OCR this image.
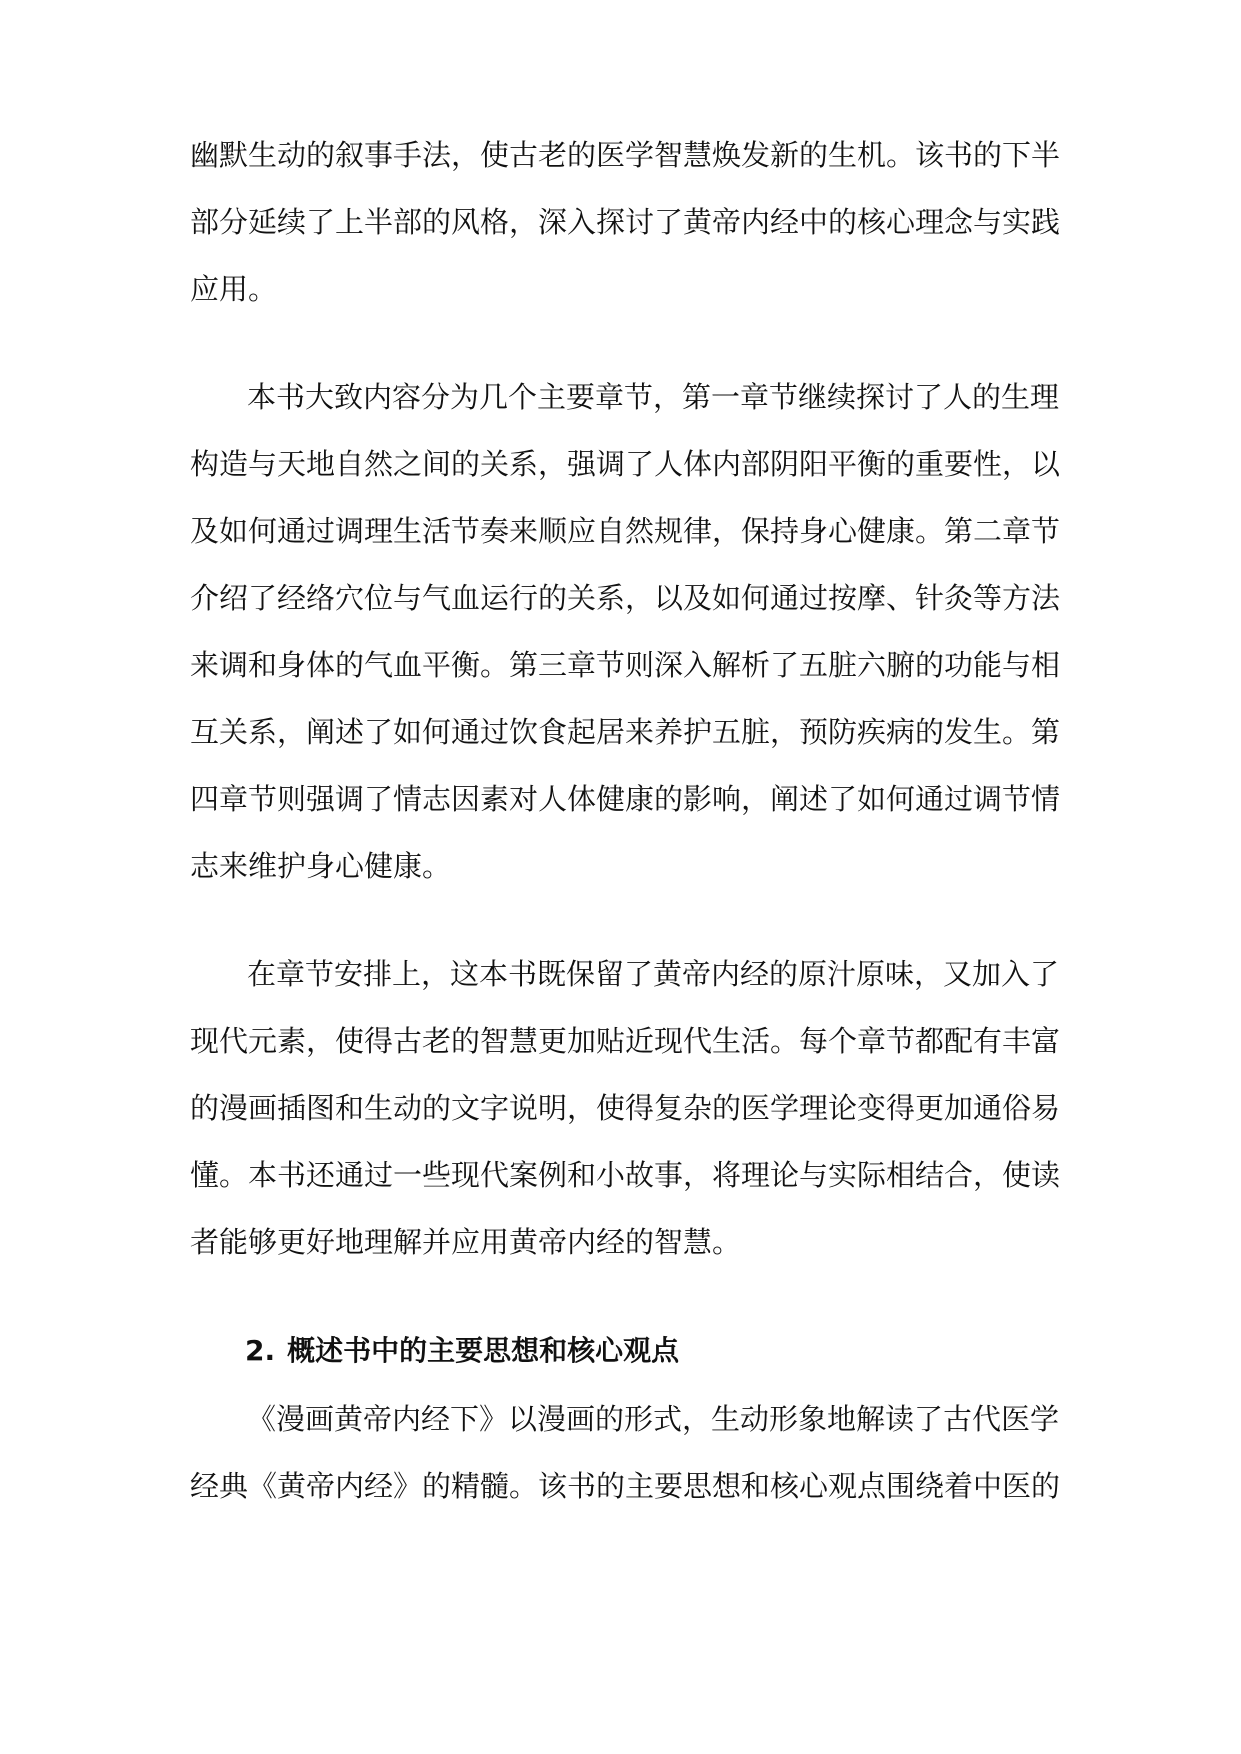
幽默生动的叙事手法，使古老的医学智慧焕发新的生机。该书的下半
部分延续了上半部的风格，深入探讨了黄帝内经中的核心理念与实践
应用。
本书大致内容分为几个主要章节，第一章节继续探讨了人的生理
构造与天地自然之间的关系，强调了人体内部阴阳平衡的重要性，以
及如何通过调理生活节奏来顺应自然规律，保持身心健康。第二章节
介绍了经络穴位与气血运行的关系，以及如何通过按摩、针灸等方法
来调和身体的气血平衡。第三章节则深入解析了五脏六腑的功能与相
互关系，阐述了如何通过饮食起居来养护五脏，预防疾病的发生。第
四章节则强调了情志因素对人体健康的影响，阐述了如何通过调节情
志来维护身心健康。
在章节安排上，这本书既保留了黄帝内经的原汁原味，又加入了
现代元素，使得古老的智慧更加贴近现代生活。每个章节都配有丰富
的漫画插图和生动的文字说明，使得复杂的医学理论变得更加通俗易
懂。本书还通过一些现代案例和小故事，将理论与实际相结合，使读
者能够更好地理解并应用黄帝内经的智慧。
2. 概述书中的主要思想和核心观点
《漫画黄帝内经下》以漫画的形式，生动形象地解读了古代医学
经典《黄帝内经》的精髓。该书的主要思想和核心观点围绕着中医的
